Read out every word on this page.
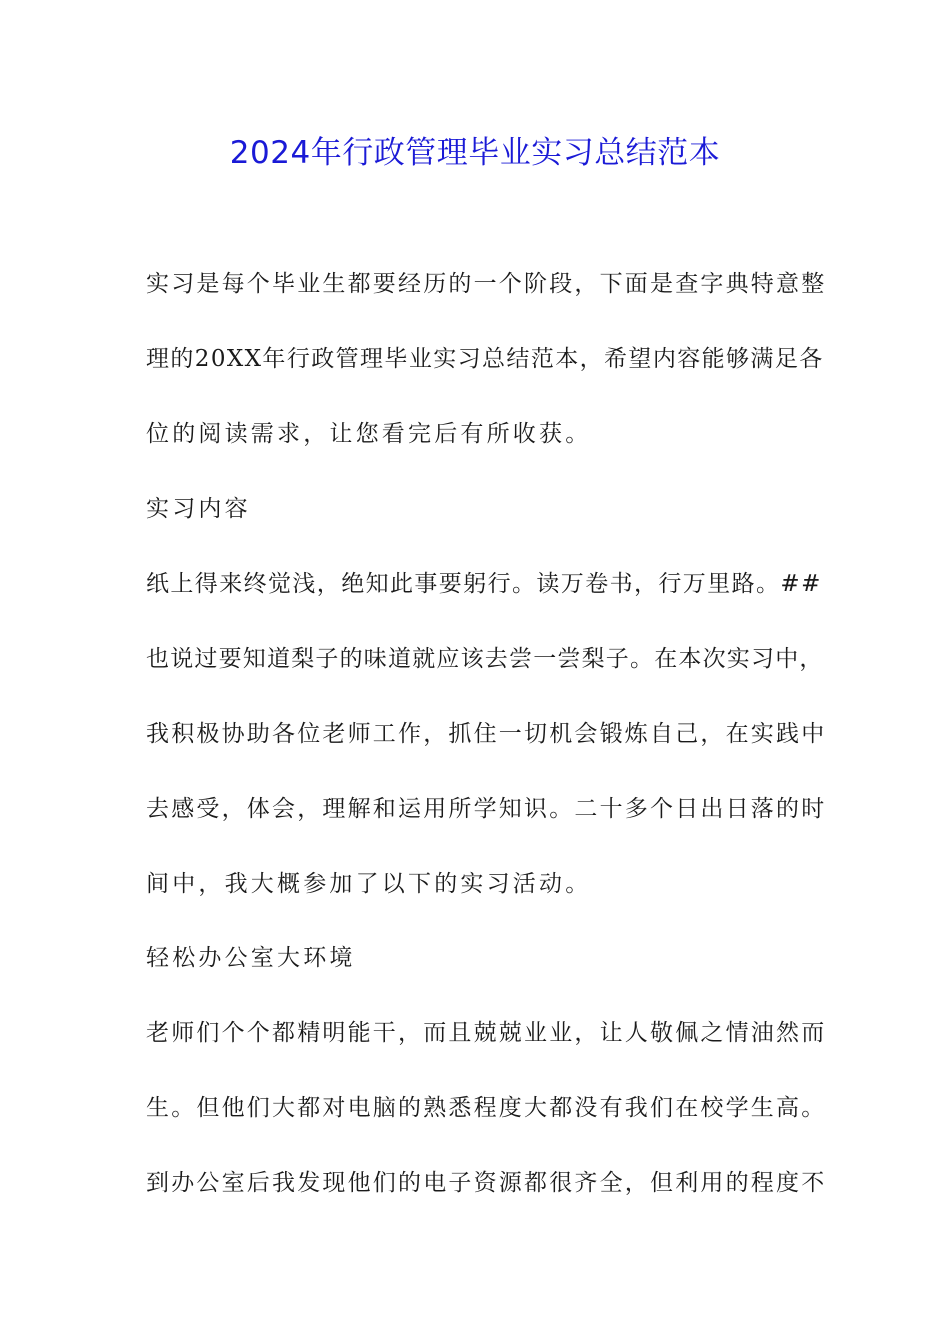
2024年行政管理毕业实习总结范本
实习是每个毕业生都要经历的一个阶段，下面是查字典特意整
理的20XX年行政管理毕业实习总结范本，希望内容能够满足各
位的阅读需求，让您看完后有所收获。
实习内容
纸上得来终觉浅，绝知此事要躬行。读万卷书，行万里路。##
也说过要知道梨子的味道就应该去尝一尝梨子。在本次实习中，
我积极协助各位老师工作，抓住一切机会锻炼自己，在实践中
去感受，体会，理解和运用所学知识。二十多个日出日落的时
间中，我大概参加了以下的实习活动。
轻松办公室大环境
老师们个个都精明能干，而且兢兢业业，让人敬佩之情油然而
生。但他们大都对电脑的熟悉程度大都没有我们在校学生高。
到办公室后我发现他们的电子资源都很齐全，但利用的程度不
